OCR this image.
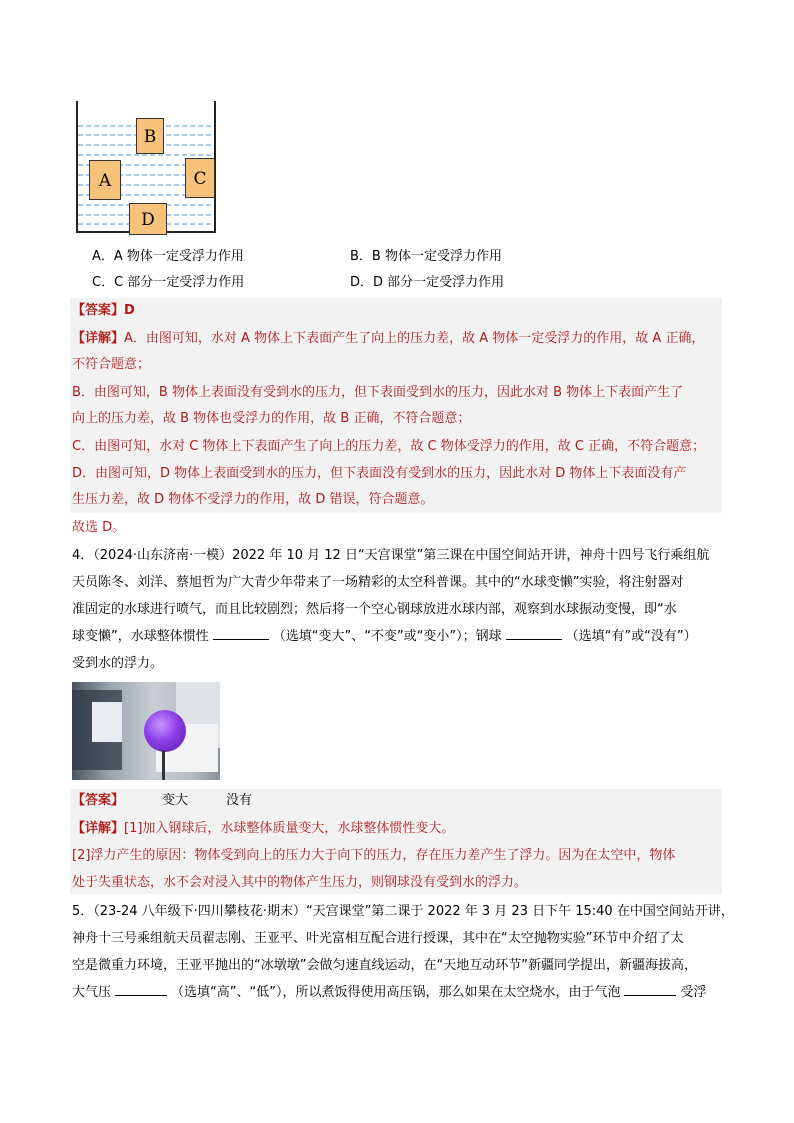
B
A	C
D
A．A 物体一定受浮力作用	B．B 物体一定受浮力作用
C．C 部分一定受浮力作用	D．D 部分一定受浮力作用
【答案】D
【详解】A．由图可知，水对 A 物体上下表面产生了向上的压力差，故 A 物体一定受浮力的作用，故 A 正确，
不符合题意；
B．由图可知，B 物体上表面没有受到水的压力，但下表面受到水的压力，因此水对 B 物体上下表面产生了
向上的压力差，故 B 物体也受浮力的作用，故 B 正确，不符合题意；
C．由图可知，水对 C 物体上下表面产生了向上的压力差，故 C 物体受浮力的作用，故 C 正确，不符合题意；
D．由图可知，D 物体上表面受到水的压力，但下表面没有受到水的压力，因此水对 D 物体上下表面没有产
生压力差，故 D 物体不受浮力的作用，故 D 错误，符合题意。
故选 D。
4．（2024·山东济南·一模）2022 年 10 月 12 日“天宫课堂”第三课在中国空间站开讲，神舟十四号飞行乘组航
天员陈冬、刘洋、蔡旭哲为广大青少年带来了一场精彩的太空科普课。其中的“水球变懒”实验，将注射器对
准固定的水球进行喷气，而且比较剧烈；然后将一个空心钢球放进水球内部，观察到水球振动变慢，即“水
球变懒”，水球整体惯性	（选填“变大”、“不变”或“变小”）；钢球	（选填“有”或“没有”）
受到水的浮力。
【答案】	变大	没有
【详解】[1]加入钢球后，水球整体质量变大，水球整体惯性变大。
[2]浮力产生的原因：物体受到向上的压力大于向下的压力，存在压力差产生了浮力。因为在太空中，物体
处于失重状态，水不会对浸入其中的物体产生压力，则钢球没有受到水的浮力。
5．（23-24 八年级下·四川攀枝花·期末）“天宫课堂”第二课于 2022 年 3 月 23 日下午 15:40 在中国空间站开讲，
神舟十三号乘组航天员翟志刚、王亚平、叶光富相互配合进行授课，其中在“太空抛物实验”环节中介绍了太
空是微重力环境，王亚平抛出的“冰墩墩”会做匀速直线运动，在“天地互动环节”新疆同学提出，新疆海拔高，
大气压	（选填“高”、“低”），所以煮饭得使用高压锅，那么如果在太空烧水，由于气泡	受浮
